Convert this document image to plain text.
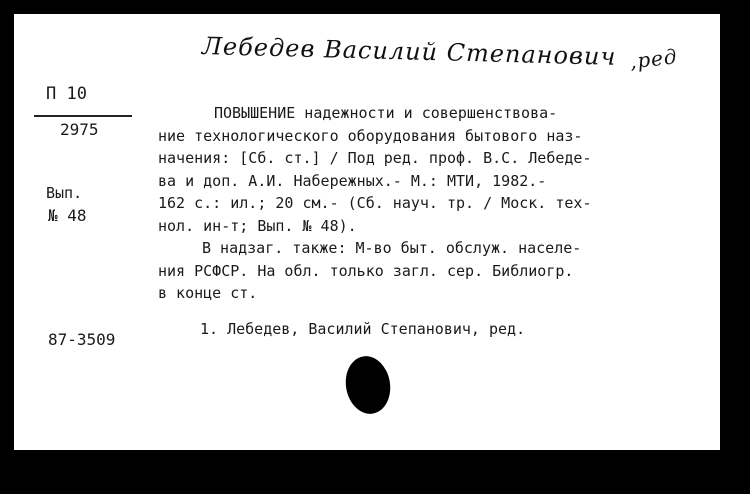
Лебедев Василий Степанович ,ред
П 10
2975
Вып.
№ 48
87-3509
ПОВЫШЕНИЕ надежности и совершенствова-
ние технологического оборудования бытового наз-
начения: [Сб. ст.] / Под ред. проф. В.С. Лебеде-
ва и доп. А.И. Набережных.- М.: МТИ, 1982.-
162 с.: ил.; 20 см.- (Сб. науч. тр. / Моск. тех-
нол. ин-т; Вып. № 48).
В надзаг. также: М-во быт. обслуж. населе-
ния РСФСР. На обл. только загл. сер. Библиогр.
в конце ст.
1. Лебедев, Василий Степанович, ред.
